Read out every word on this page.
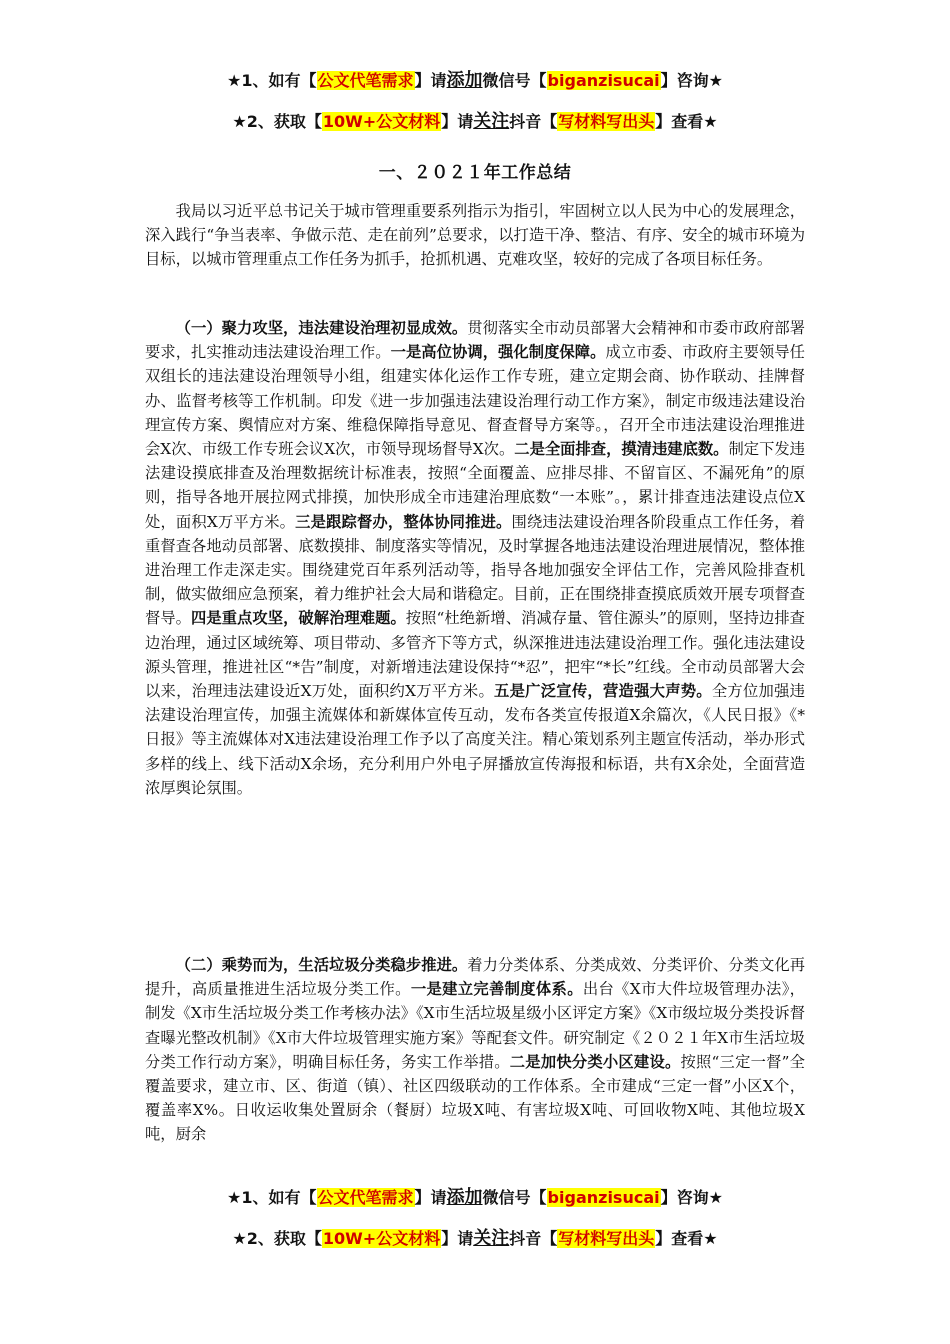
★1、如有【公文代笔需求】请添加微信号【biganzisucai】咨询★
★2、获取【10W+公文材料】请关注抖音【写材料写出头】查看★
一、２０２１年工作总结

我局以习近平总书记关于城市管理重要系列指示为指引，牢固树立以人民为中心的发展理念，深入践行“争当表率、争做示范、走在前列”总要求，以打造干净、整洁、有序、安全的城市环境为目标，以城市管理重点工作任务为抓手，抢抓机遇、克难攻坚，较好的完成了各项目标任务。

（一）聚力攻坚，违法建设治理初显成效。贯彻落实全市动员部署大会精神和市委市政府部署要求，扎实推动违法建设治理工作。一是高位协调，强化制度保障。成立市委、市政府主要领导任双组长的违法建设治理领导小组，组建实体化运作工作专班，建立定期会商、协作联动、挂牌督办、监督考核等工作机制。印发《进一步加强违法建设治理行动工作方案》，制定市级违法建设治理宣传方案、舆情应对方案、维稳保障指导意见、督查督导方案等。，召开全市违法建设治理推进会X次、市级工作专班会议X次，市领导现场督导X次。二是全面排查，摸清违建底数。制定下发违法建设摸底排查及治理数据统计标准表，按照“全面覆盖、应排尽排、不留盲区、不漏死角”的原则，指导各地开展拉网式排摸，加快形成全市违建治理底数“一本账”。，累计排查违法建设点位X处，面积X万平方米。三是跟踪督办，整体协同推进。围绕违法建设治理各阶段重点工作任务，着重督查各地动员部署、底数摸排、制度落实等情况，及时掌握各地违法建设治理进展情况，整体推进治理工作走深走实。围绕建党百年系列活动等，指导各地加强安全评估工作，完善风险排查机制，做实做细应急预案，着力维护社会大局和谐稳定。目前，正在围绕排查摸底质效开展专项督查督导。四是重点攻坚，破解治理难题。按照“杜绝新增、消减存量、管住源头”的原则，坚持边排查边治理，通过区域统筹、项目带动、多管齐下等方式，纵深推进违法建设治理工作。强化违法建设源头管理，推进社区“*告”制度，对新增违法建设保持“*忍”，把牢“*长”红线。全市动员部署大会以来，治理违法建设近X万处，面积约X万平方米。五是广泛宣传，营造强大声势。全方位加强违法建设治理宣传，加强主流媒体和新媒体宣传互动，发布各类宣传报道X余篇次，《人民日报》《*日报》等主流媒体对X违法建设治理工作予以了高度关注。精心策划系列主题宣传活动，举办形式多样的线上、线下活动X余场，充分利用户外电子屏播放宣传海报和标语，共有X余处，全面营造浓厚舆论氛围。

（二）乘势而为，生活垃圾分类稳步推进。着力分类体系、分类成效、分类评价、分类文化再提升，高质量推进生活垃圾分类工作。一是建立完善制度体系。出台《X市大件垃圾管理办法》，制发《X市生活垃圾分类工作考核办法》《X市生活垃圾星级小区评定方案》《X市级垃圾分类投诉督查曝光整改机制》《X市大件垃圾管理实施方案》等配套文件。研究制定《２０２１年X市生活垃圾分类工作行动方案》，明确目标任务，务实工作举措。二是加快分类小区建设。按照“三定一督”全覆盖要求，建立市、区、街道（镇）、社区四级联动的工作体系。全市建成“三定一督”小区X个，覆盖率X%。日收运收集处置厨余（餐厨）垃圾X吨、有害垃圾X吨、可回收物X吨、其他垃圾X吨，厨余

★1、如有【公文代笔需求】请添加微信号【biganzisucai】咨询★
★2、获取【10W+公文材料】请关注抖音【写材料写出头】查看★
